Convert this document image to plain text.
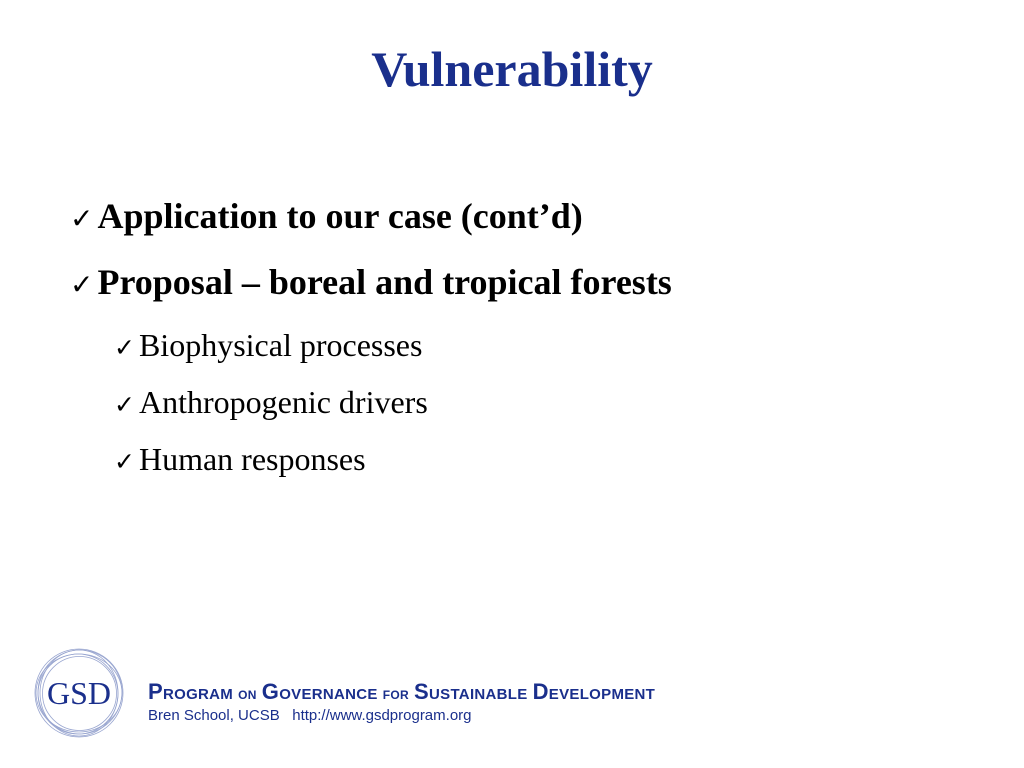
Vulnerability
✓ Application to our case (cont’d)
✓ Proposal – boreal and tropical forests
✓ Biophysical processes
✓ Anthropogenic drivers
✓ Human responses
GSD Program on Governance for Sustainable Development
Bren School, UCSB http://www.gsdprogram.org
